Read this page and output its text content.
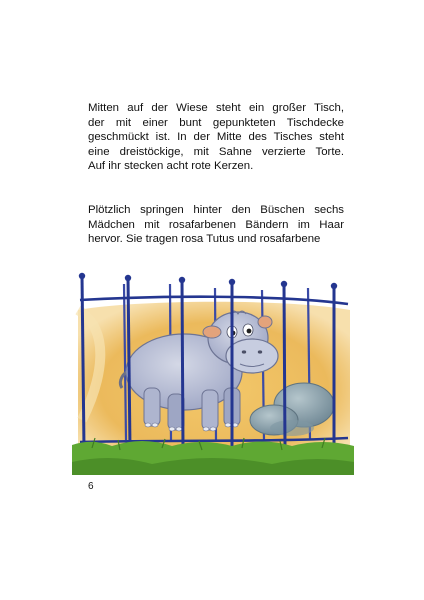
Mitten auf der Wiese steht ein großer Tisch,
der mit einer bunt gepunkteten Tischdecke
geschmückt ist. In der Mitte des Tisches steht
eine dreistöckige, mit Sahne verzierte Torte.
Auf ihr stecken acht rote Kerzen.
Plötzlich springen hinter den Büschen sechs
Mädchen mit rosafarbenen Bändern im Haar
hervor. Sie tragen rosa Tutus und rosafarbene
6
